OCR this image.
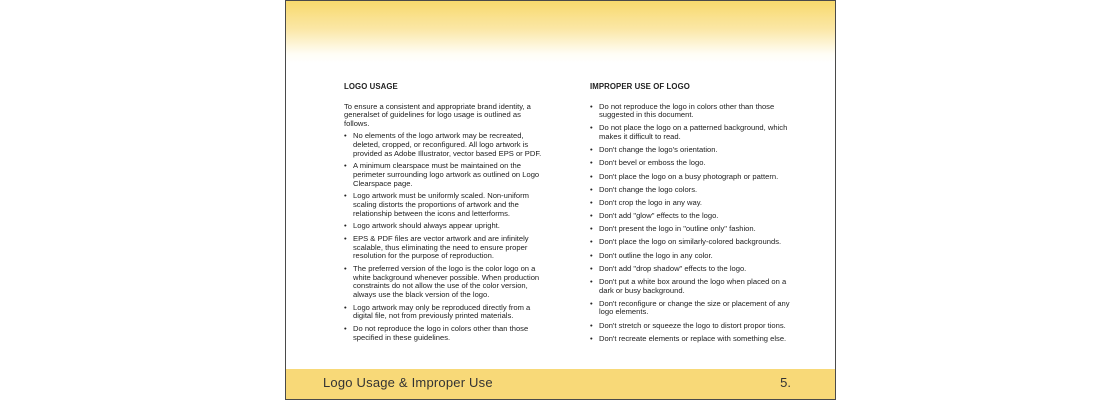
LOGO USAGE
To ensure a consistent and appropriate brand identity, a generalset of guidelines for logo usage is outlined as follows.
• No elements of the logo artwork may be recreated, deleted, cropped, or reconfigured. All logo artwork is provided as Adobe Illustrator, vector based EPS or PDF.
• A minimum clearspace must be maintained on the perimeter surrounding logo artwork as outlined on Logo Clearspace page.
• Logo artwork must be uniformly scaled. Non-uniform scaling distorts the proportions of artwork and the relationship between the icons and letterforms.
• Logo artwork should always appear upright.
• EPS & PDF files are vector artwork and are infinitely scalable, thus eliminating the need to ensure proper resolution for the purpose of reproduction.
• The preferred version of the logo is the color logo on a white background whenever possible. When production constraints do not allow the use of the color version, always use the black version of the logo.
• Logo artwork may only be reproduced directly from a digital file, not from previously printed materials.
• Do not reproduce the logo in colors other than those specified in these guidelines.
IMPROPER USE OF LOGO
• Do not reproduce the logo in colors other than those suggested in this document.
• Do not place the logo on a patterned background, which makes it difficult to read.
• Don't change the logo's orientation.
• Don't bevel or emboss the logo.
• Don't place the logo on a busy photograph or pattern.
• Don't change the logo colors.
• Don't crop the logo in any way.
• Don't add "glow" effects to the logo.
• Don't present the logo in "outline only" fashion.
• Don't place the logo on similarly-colored backgrounds.
• Don't outline the logo in any color.
• Don't add "drop shadow" effects to the logo.
• Don't put a white box around the logo when placed on a dark or busy background.
• Don't reconfigure or change the size or placement of any logo elements.
• Don't stretch or squeeze the logo to distort propor tions.
• Don't recreate elements or replace with something else.
Logo Usage & Improper Use	5.
